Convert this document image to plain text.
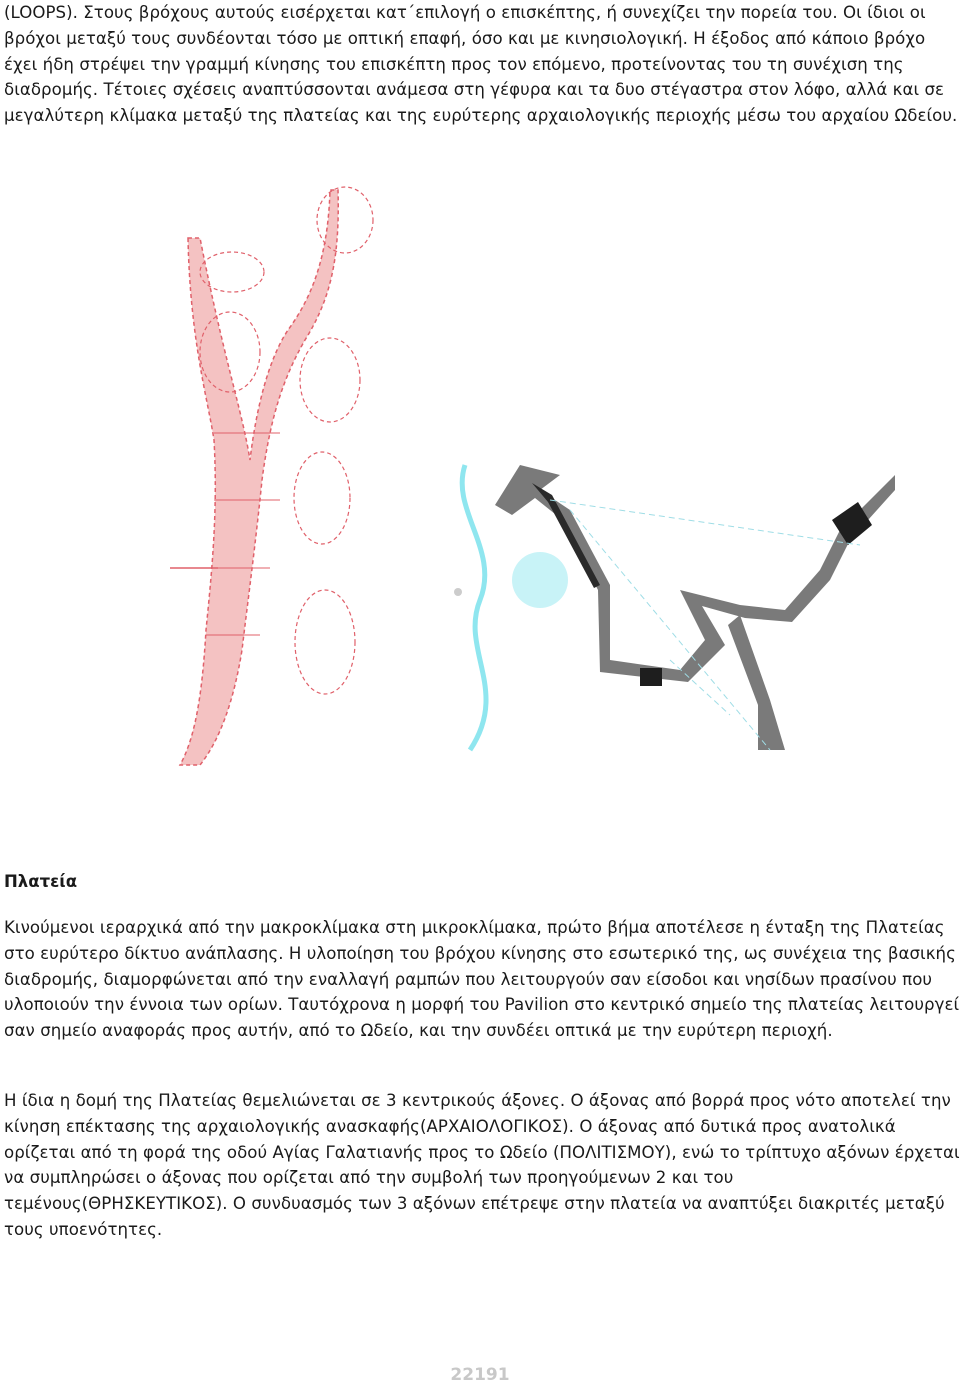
(LOOPS). Στους βρόχους αυτούς εισέρχεται κατ΄επιλογή ο επισκέπτης, ή συνεχίζει την πορεία του. Οι ίδιοι οι βρόχοι μεταξύ τους συνδέονται τόσο με οπτική επαφή, όσο και με κινησιολογική. Η έξοδος από κάποιο βρόχο έχει ήδη στρέψει την γραμμή κίνησης του επισκέπτη προς τον επόμενο, προτείνοντας του τη συνέχιση της διαδρομής. Τέτοιες σχέσεις αναπτύσσονται ανάμεσα στη γέφυρα και τα δυο στέγαστρα στον λόφο, αλλά και σε μεγαλύτερη κλίμακα μεταξύ της πλατείας και της ευρύτερης αρχαιολογικής περιοχής μέσω του αρχαίου Ωδείου.

Πλατεία

Κινούμενοι ιεραρχικά από την μακροκλίμακα στη μικροκλίμακα, πρώτο βήμα αποτέλεσε η ένταξη της Πλατείας στο ευρύτερο δίκτυο ανάπλασης. Η υλοποίηση του βρόχου κίνησης στο εσωτερικό της, ως συνέχεια της βασικής διαδρομής, διαμορφώνεται από την εναλλαγή ραμπών που λειτουργούν σαν είσοδοι και νησίδων πρασίνου που υλοποιούν την έννοια των ορίων. Ταυτόχρονα η μορφή του Pavilion στο κεντρικό σημείο της πλατείας λειτουργεί σαν σημείο αναφοράς προς αυτήν, από το Ωδείο, και την συνδέει οπτικά με την ευρύτερη περιοχή.

Η ίδια η δομή της Πλατείας θεμελιώνεται σε 3 κεντρικούς άξονες. Ο άξονας από βορρά προς νότο αποτελεί την κίνηση επέκτασης της αρχαιολογικής ανασκαφής(ΑΡΧΑΙΟΛΟΓΙΚΟΣ). Ο άξονας από δυτικά προς ανατολικά ορίζεται από τη φορά της οδού Αγίας Γαλατιανής προς το Ωδείο (ΠΟΛΙΤΙΣΜΟΥ), ενώ το τρίπτυχο αξόνων έρχεται να συμπληρώσει ο άξονας που ορίζεται από την συμβολή των προηγούμενων 2 και του τεμένους(ΘΡΗΣΚΕΥΤΙΚΟΣ). Ο συνδυασμός των 3 αξόνων επέτρεψε στην πλατεία να αναπτύξει διακριτές μεταξύ τους υποενότητες.

22191
